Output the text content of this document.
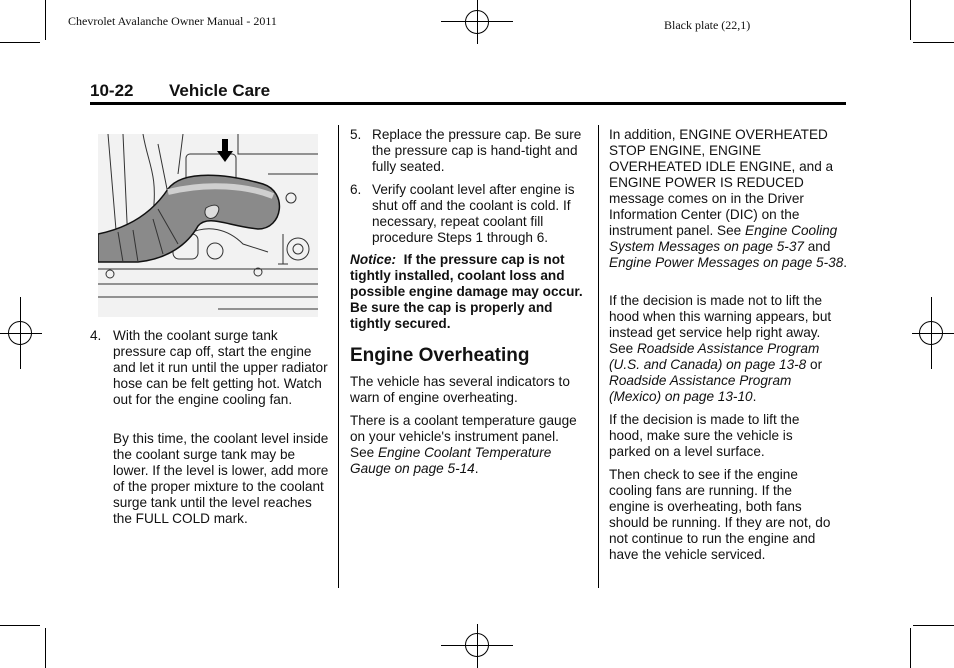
Chevrolet Avalanche Owner Manual - 2011	Black plate (22,1)
10-22 Vehicle Care
4. With the coolant surge tank pressure cap off, start the engine and let it run until the upper radiator hose can be felt getting hot. Watch out for the engine cooling fan.
By this time, the coolant level inside the coolant surge tank may be lower. If the level is lower, add more of the proper mixture to the coolant surge tank until the level reaches the FULL COLD mark.
5. Replace the pressure cap. Be sure the pressure cap is hand-tight and fully seated.
6. Verify coolant level after engine is shut off and the coolant is cold. If necessary, repeat coolant fill procedure Steps 1 through 6.
Notice: If the pressure cap is not tightly installed, coolant loss and possible engine damage may occur. Be sure the cap is properly and tightly secured.
Engine Overheating
The vehicle has several indicators to warn of engine overheating.
There is a coolant temperature gauge on your vehicle's instrument panel. See Engine Coolant Temperature Gauge on page 5-14.
In addition, ENGINE OVERHEATED STOP ENGINE, ENGINE OVERHEATED IDLE ENGINE, and a ENGINE POWER IS REDUCED message comes on in the Driver Information Center (DIC) on the instrument panel. See Engine Cooling System Messages on page 5-37 and Engine Power Messages on page 5-38.
If the decision is made not to lift the hood when this warning appears, but instead get service help right away. See Roadside Assistance Program (U.S. and Canada) on page 13-8 or Roadside Assistance Program (Mexico) on page 13-10.
If the decision is made to lift the hood, make sure the vehicle is parked on a level surface.
Then check to see if the engine cooling fans are running. If the engine is overheating, both fans should be running. If they are not, do not continue to run the engine and have the vehicle serviced.
